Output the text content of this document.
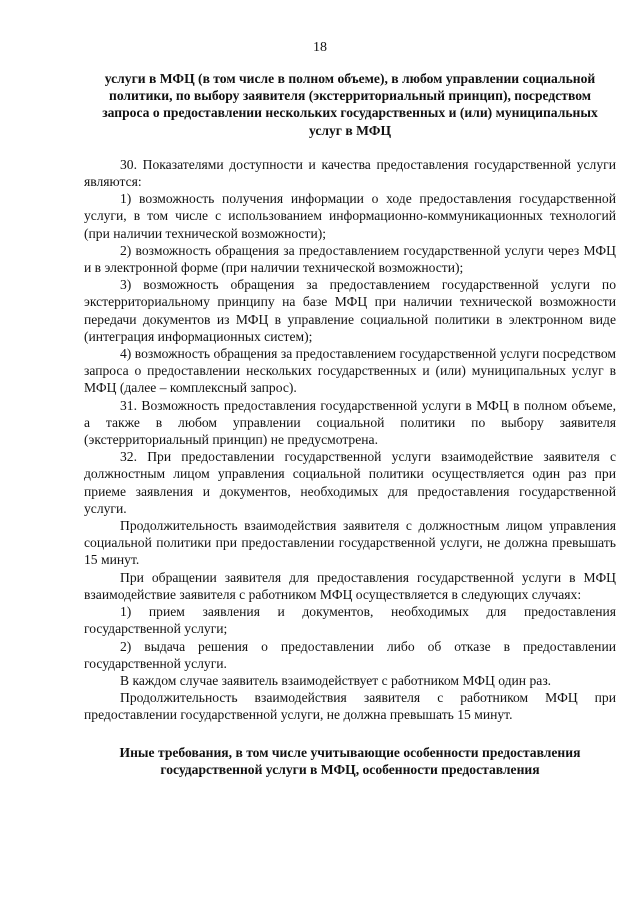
18

услуги в МФЦ (в том числе в полном объеме), в любом управлении социальной политики, по выбору заявителя (экстерриториальный принцип), посредством запроса о предоставлении нескольких государственных и (или) муниципальных услуг в МФЦ

30. Показателями доступности и качества предоставления государственной услуги являются:

1) возможность получения информации о ходе предоставления государственной услуги, в том числе с использованием информационно-коммуникационных технологий (при наличии технической возможности);

2) возможность обращения за предоставлением государственной услуги через МФЦ и в электронной форме (при наличии технической возможности);

3) возможность обращения за предоставлением государственной услуги по экстерриториальному принципу на базе МФЦ при наличии технической возможности передачи документов из МФЦ в управление социальной политики в электронном виде (интеграция информационных систем);

4) возможность обращения за предоставлением государственной услуги посредством запроса о предоставлении нескольких государственных и (или) муниципальных услуг в МФЦ (далее – комплексный запрос).

31. Возможность предоставления государственной услуги в МФЦ в полном объеме, а также в любом управлении социальной политики по выбору заявителя (экстерриториальный принцип) не предусмотрена.

32. При предоставлении государственной услуги взаимодействие заявителя с должностным лицом управления социальной политики осуществляется один раз при приеме заявления и документов, необходимых для предоставления государственной услуги.

Продолжительность взаимодействия заявителя с должностным лицом управления социальной политики при предоставлении государственной услуги, не должна превышать 15 минут.

При обращении заявителя для предоставления государственной услуги в МФЦ взаимодействие заявителя с работником МФЦ осуществляется в следующих случаях:

1) прием заявления и документов, необходимых для предоставления государственной услуги;

2) выдача решения о предоставлении либо об отказе в предоставлении государственной услуги.

В каждом случае заявитель взаимодействует с работником МФЦ один раз.

Продолжительность взаимодействия заявителя с работником МФЦ при предоставлении государственной услуги, не должна превышать 15 минут.

Иные требования, в том числе учитывающие особенности предоставления государственной услуги в МФЦ, особенности предоставления
